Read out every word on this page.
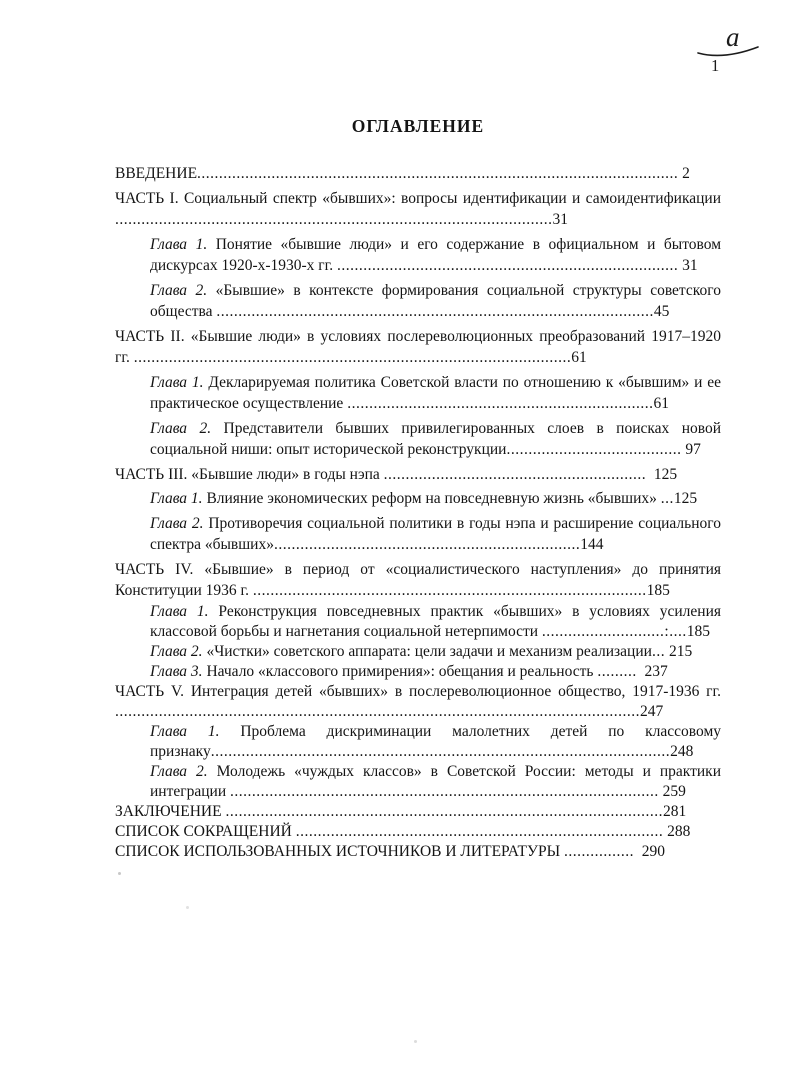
a
1
ОГЛАВЛЕНИЕ

ВВЕДЕНИЕ.............................................................................................................. 2

ЧАСТЬ I. Социальный спектр «бывших»: вопросы идентификации и самоидентификации ....................................................................................................31

Глава 1. Понятие «бывшие люди» и его содержание в официальном и бытовом дискурсах 1920-х-1930-х гг. .............................................................................. 31

Глава 2. «Бывшие» в контексте формирования социальной структуры советского общества ....................................................................................................45

ЧАСТЬ II. «Бывшие люди» в условиях послереволюционных преобразований 1917–1920 гг. ....................................................................................................61

Глава 1. Декларируемая политика Советской власти по отношению к «бывшим» и ее практическое осуществление ......................................................................61

Глава 2. Представители бывших привилегированных слоев в поисках новой социальной ниши: опыт исторической реконструкции........................................ 97

ЧАСТЬ III. «Бывшие люди» в годы нэпа ............................................................  125

Глава 1. Влияние экономических реформ на повседневную жизнь «бывших» ...125

Глава 2. Противоречия социальной политики в годы нэпа и расширение социального спектра «бывших»......................................................................144

ЧАСТЬ IV. «Бывшие» в период от «социалистического наступления» до принятия Конституции 1936 г. ..........................................................................................185

Глава 1. Реконструкция повседневных практик «бывших» в условиях усиления классовой борьбы и нагнетания социальной нетерпимости ............................:....185

Глава 2. «Чистки» советского аппарата: цели задачи и механизм реализации... 215

Глава 3. Начало «классового примирения»: обещания и реальность .........  237

ЧАСТЬ V. Интеграция детей «бывших» в послереволюционное общество, 1917-1936 гг. ........................................................................................................................247

Глава 1. Проблема дискриминации малолетних детей по классовому признаку.........................................................................................................248

Глава 2. Молодежь «чуждых классов» в Советской России: методы и практики интеграции .................................................................................................. 259

ЗАКЛЮЧЕНИЕ ....................................................................................................281

СПИСОК СОКРАЩЕНИЙ .................................................................................... 288

СПИСОК ИСПОЛЬЗОВАННЫХ ИСТОЧНИКОВ И ЛИТЕРАТУРЫ ................  290
